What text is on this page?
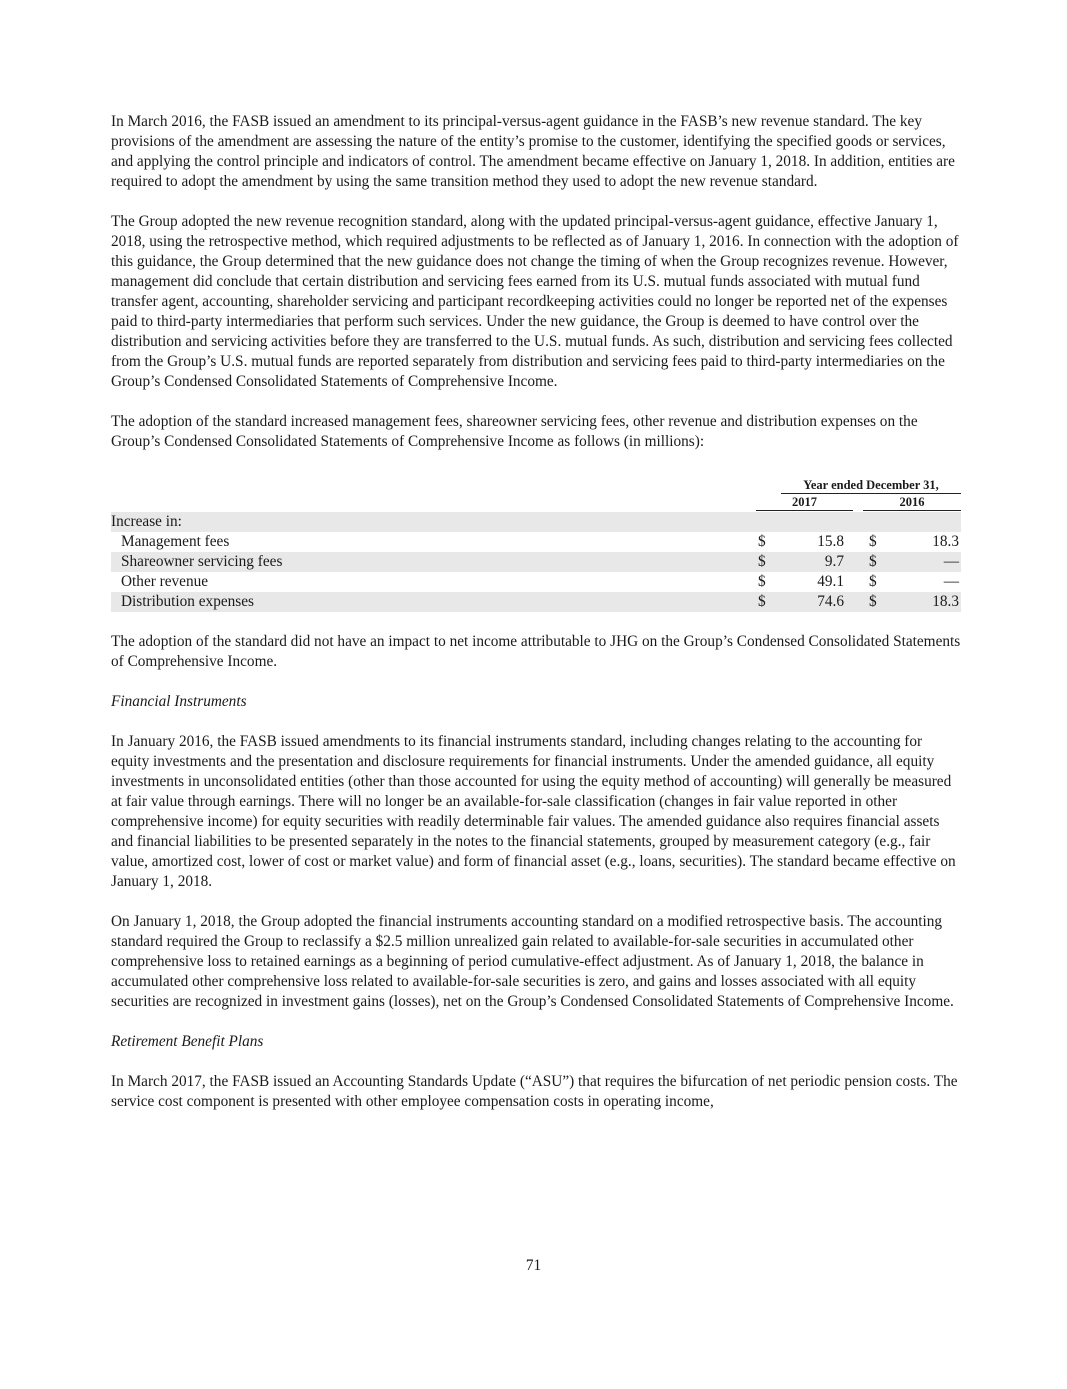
In March 2016, the FASB issued an amendment to its principal-versus-agent guidance in the FASB’s new revenue standard. The key provisions of the amendment are assessing the nature of the entity’s promise to the customer, identifying the specified goods or services, and applying the control principle and indicators of control. The amendment became effective on January 1, 2018. In addition, entities are required to adopt the amendment by using the same transition method they used to adopt the new revenue standard.

The Group adopted the new revenue recognition standard, along with the updated principal-versus-agent guidance, effective January 1, 2018, using the retrospective method, which required adjustments to be reflected as of January 1, 2016. In connection with the adoption of this guidance, the Group determined that the new guidance does not change the timing of when the Group recognizes revenue. However, management did conclude that certain distribution and servicing fees earned from its U.S. mutual funds associated with mutual fund transfer agent, accounting, shareholder servicing and participant recordkeeping activities could no longer be reported net of the expenses paid to third-party intermediaries that perform such services. Under the new guidance, the Group is deemed to have control over the distribution and servicing activities before they are transferred to the U.S. mutual funds. As such, distribution and servicing fees collected from the Group’s U.S. mutual funds are reported separately from distribution and servicing fees paid to third-party intermediaries on the Group’s Condensed Consolidated Statements of Comprehensive Income.

The adoption of the standard increased management fees, shareowner servicing fees, other revenue and distribution expenses on the Group’s Condensed Consolidated Statements of Comprehensive Income as follows (in millions):

Year ended December 31,
2017	2016
Increase in:
Management fees	$	15.8 $	18.3
Shareowner servicing fees	$	9.7 $	—
Other revenue	$	49.1 $	—
Distribution expenses	$	74.6 $	18.3

The adoption of the standard did not have an impact to net income attributable to JHG on the Group’s Condensed Consolidated Statements of Comprehensive Income.

Financial Instruments

In January 2016, the FASB issued amendments to its financial instruments standard, including changes relating to the accounting for equity investments and the presentation and disclosure requirements for financial instruments. Under the amended guidance, all equity investments in unconsolidated entities (other than those accounted for using the equity method of accounting) will generally be measured at fair value through earnings. There will no longer be an available-for-sale classification (changes in fair value reported in other comprehensive income) for equity securities with readily determinable fair values. The amended guidance also requires financial assets and financial liabilities to be presented separately in the notes to the financial statements, grouped by measurement category (e.g., fair value, amortized cost, lower of cost or market value) and form of financial asset (e.g., loans, securities). The standard became effective on January 1, 2018.

On January 1, 2018, the Group adopted the financial instruments accounting standard on a modified retrospective basis. The accounting standard required the Group to reclassify a $2.5 million unrealized gain related to available-for-sale securities in accumulated other comprehensive loss to retained earnings as a beginning of period cumulative-effect adjustment. As of January 1, 2018, the balance in accumulated other comprehensive loss related to available-for-sale securities is zero, and gains and losses associated with all equity securities are recognized in investment gains (losses), net on the Group’s Condensed Consolidated Statements of Comprehensive Income.

Retirement Benefit Plans

In March 2017, the FASB issued an Accounting Standards Update (“ASU”) that requires the bifurcation of net periodic pension costs. The service cost component is presented with other employee compensation costs in operating income,

71
